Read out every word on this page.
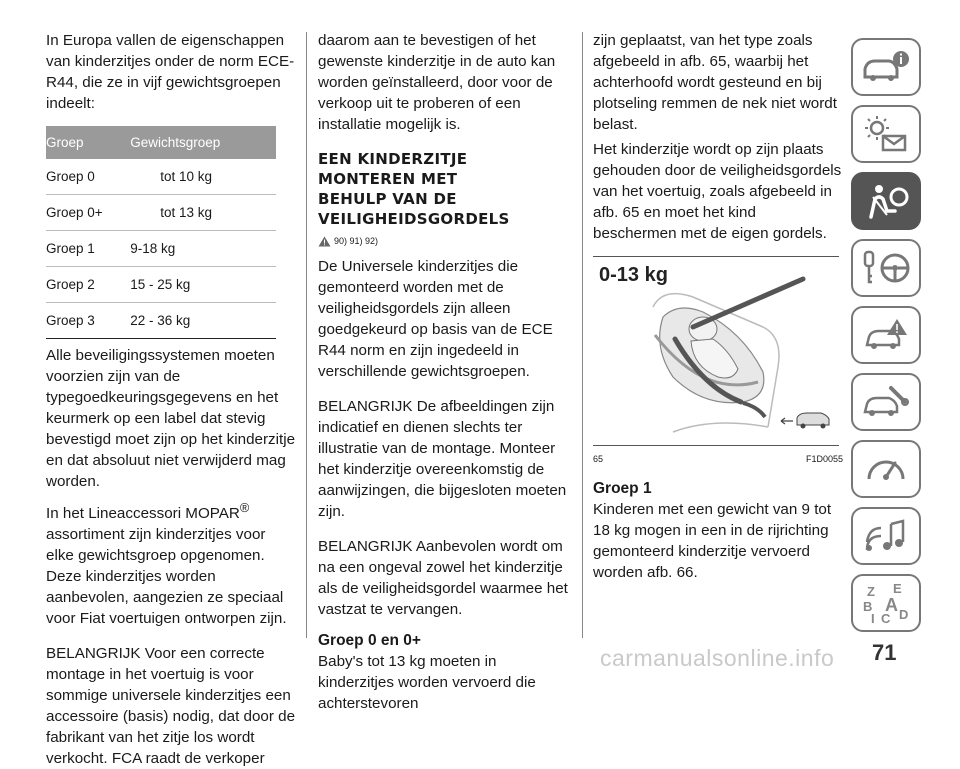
In Europa vallen de eigenschappen van kinderzitjes onder de norm ECE-R44, die ze in vijf gewichtsgroepen indeelt:

Groep	Gewichtsgroep
Groep 0	tot 10 kg
Groep 0+	tot 13 kg
Groep 1	9-18 kg
Groep 2	15 - 25 kg
Groep 3	22 - 36 kg

Alle beveiligingssystemen moeten voorzien zijn van de typegoedkeuringsgegevens en het keurmerk op een label dat stevig bevestigd moet zijn op het kinderzitje en dat absoluut niet verwijderd mag worden.

In het Lineaccessori MOPAR® assortiment zijn kinderzitjes voor elke gewichtsgroep opgenomen. Deze kinderzitjes worden aanbevolen, aangezien ze speciaal voor Fiat voertuigen ontworpen zijn.

BELANGRIJK Voor een correcte montage in het voertuig is voor sommige universele kinderzitjes een accessoire (basis) nodig, dat door de fabrikant van het zitje los wordt verkocht. FCA raadt de verkoper

daarom aan te bevestigen of het gewenste kinderzitje in de auto kan worden geïnstalleerd, door voor de verkoop uit te proberen of een installatie mogelijk is.

EEN KINDERZITJE
MONTEREN MET
BEHULP VAN DE
VEILIGHEIDSGORDELS
90) 91) 92)

De Universele kinderzitjes die gemonteerd worden met de veiligheidsgordels zijn alleen goedgekeurd op basis van de ECE R44 norm en zijn ingedeeld in verschillende gewichtsgroepen.

BELANGRIJK De afbeeldingen zijn indicatief en dienen slechts ter illustratie van de montage. Monteer het kinderzitje overeenkomstig de aanwijzingen, die bijgesloten moeten zijn.

BELANGRIJK Aanbevolen wordt om na een ongeval zowel het kinderzitje als de veiligheidsgordel waarmee het vastzat te vervangen.

Groep 0 en 0+

Baby's tot 13 kg moeten in kinderzitjes worden vervoerd die achterstevoren

zijn geplaatst, van het type zoals afgebeeld in afb. 65, waarbij het achterhoofd wordt gesteund en bij plotseling remmen de nek niet wordt belast.

Het kinderzitje wordt op zijn plaats gehouden door de veiligheidsgordels van het voertuig, zoals afgebeeld in afb. 65 en moet het kind beschermen met de eigen gordels.

0-13 kg
65	F1D0055
Groep 1

Kinderen met een gewicht van 9 tot 18 kg mogen in een in de rijrichting gemonteerd kinderzitje vervoerd worden afb. 66.

Z E
B A
I C D
carmanualsonline.info 71
